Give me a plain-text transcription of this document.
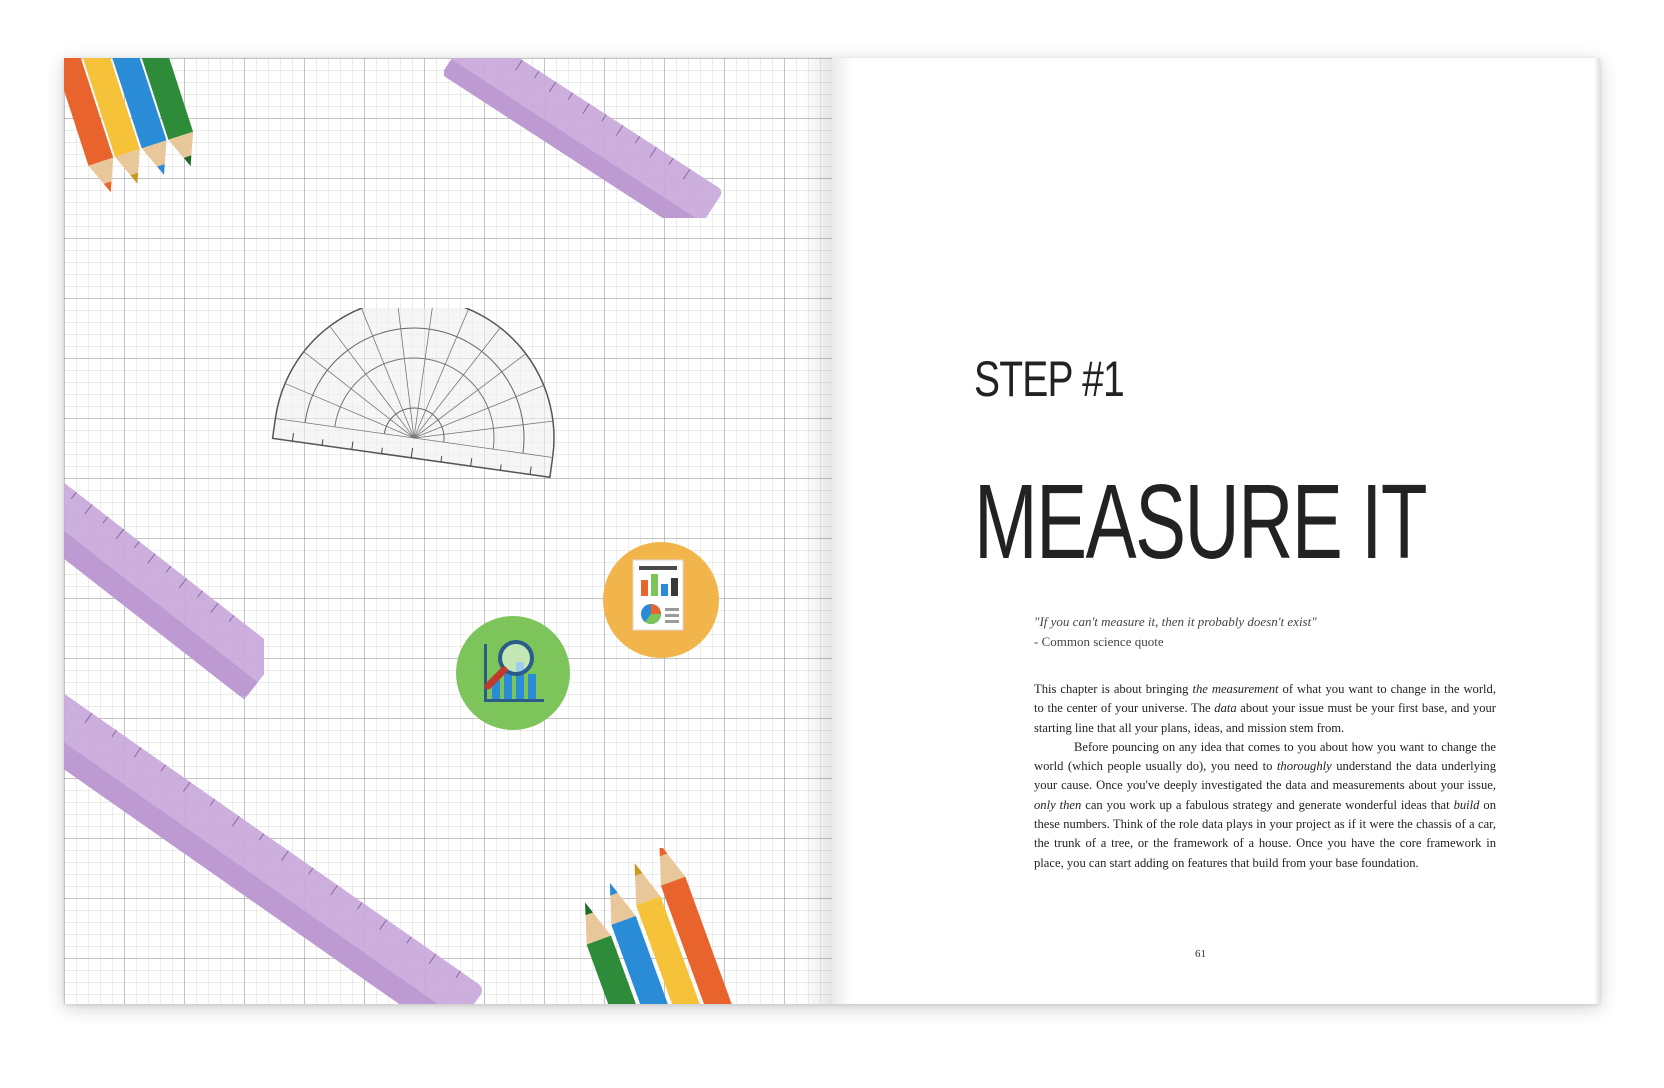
STEP #1
MEASURE IT

"If you can't measure it, then it probably doesn't exist"

- Common science quote

This chapter is about bringing the measurement of what you want to change in the world, to the center of your universe. The data about your issue must be your first base, and your starting line that all your plans, ideas, and mission stem from.

Before pouncing on any idea that comes to you about how you want to change the world (which people usually do), you need to thoroughly understand the data underlying your cause. Once you've deeply investigated the data and measurements about your issue, only then can you work up a fabulous strategy and generate wonderful ideas that build on these numbers. Think of the role data plays in your project as if it were the chassis of a car, the trunk of a tree, or the framework of a house. Once you have the core framework in place, you can start adding on features that build from your base foundation.

61
